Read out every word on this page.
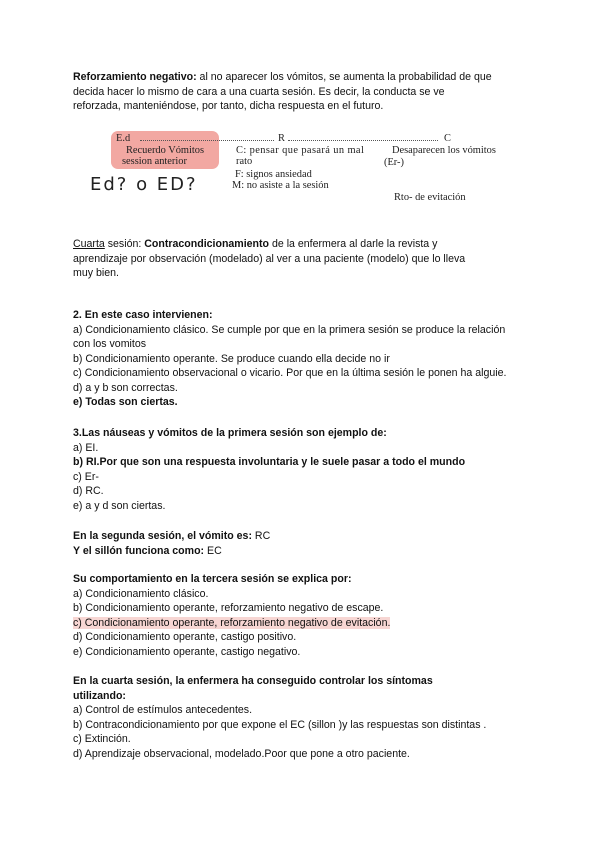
Reforzamiento negativo: al no aparecer los vómitos, se aumenta la probabilidad de que
decida hacer lo mismo de cara a una cuarta sesión. Es decir, la conducta se ve
reforzada, manteniéndose, por tanto, dicha respuesta en el futuro.
E.d
Recuerdo Vómitos
session anterior
R
C: pensar que pasará un mal
rato
F: signos ansiedad
M: no asiste a la sesión
C
Desaparecen los vómitos
(Er-)
Rto- de evitación
Ed? o ED?
Cuarta sesión: Contracondicionamiento de la enfermera al darle la revista y
aprendizaje por observación (modelado) al ver a una paciente (modelo) que lo lleva
muy bien.
2. En este caso intervienen:
a) Condicionamiento clásico. Se cumple por que en la primera sesión se produce la relación
con los vomitos
b) Condicionamiento operante. Se produce cuando ella decide no ir
c) Condicionamiento observacional o vicario. Por que en la última sesión le ponen ha alguie.
d) a y b son correctas.
e) Todas son ciertas.
3.Las náuseas y vómitos de la primera sesión son ejemplo de:
a) EI.
b) RI.Por que son una respuesta involuntaria y le suele pasar a todo el mundo
c) Er-
d) RC.
e) a y d son ciertas.
En la segunda sesión, el vómito es: RC
Y el sillón funciona como: EC
Su comportamiento en la tercera sesión se explica por:
a) Condicionamiento clásico.
b) Condicionamiento operante, reforzamiento negativo de escape.
c) Condicionamiento operante, reforzamiento negativo de evitación.
d) Condicionamiento operante, castigo positivo.
e) Condicionamiento operante, castigo negativo.
En la cuarta sesión, la enfermera ha conseguido controlar los síntomas
utilizando:
a) Control de estímulos antecedentes.
b) Contracondicionamiento por que expone el EC (sillon )y las respuestas son distintas .
c) Extinción.
d) Aprendizaje observacional, modelado.Poor que pone a otro paciente.
